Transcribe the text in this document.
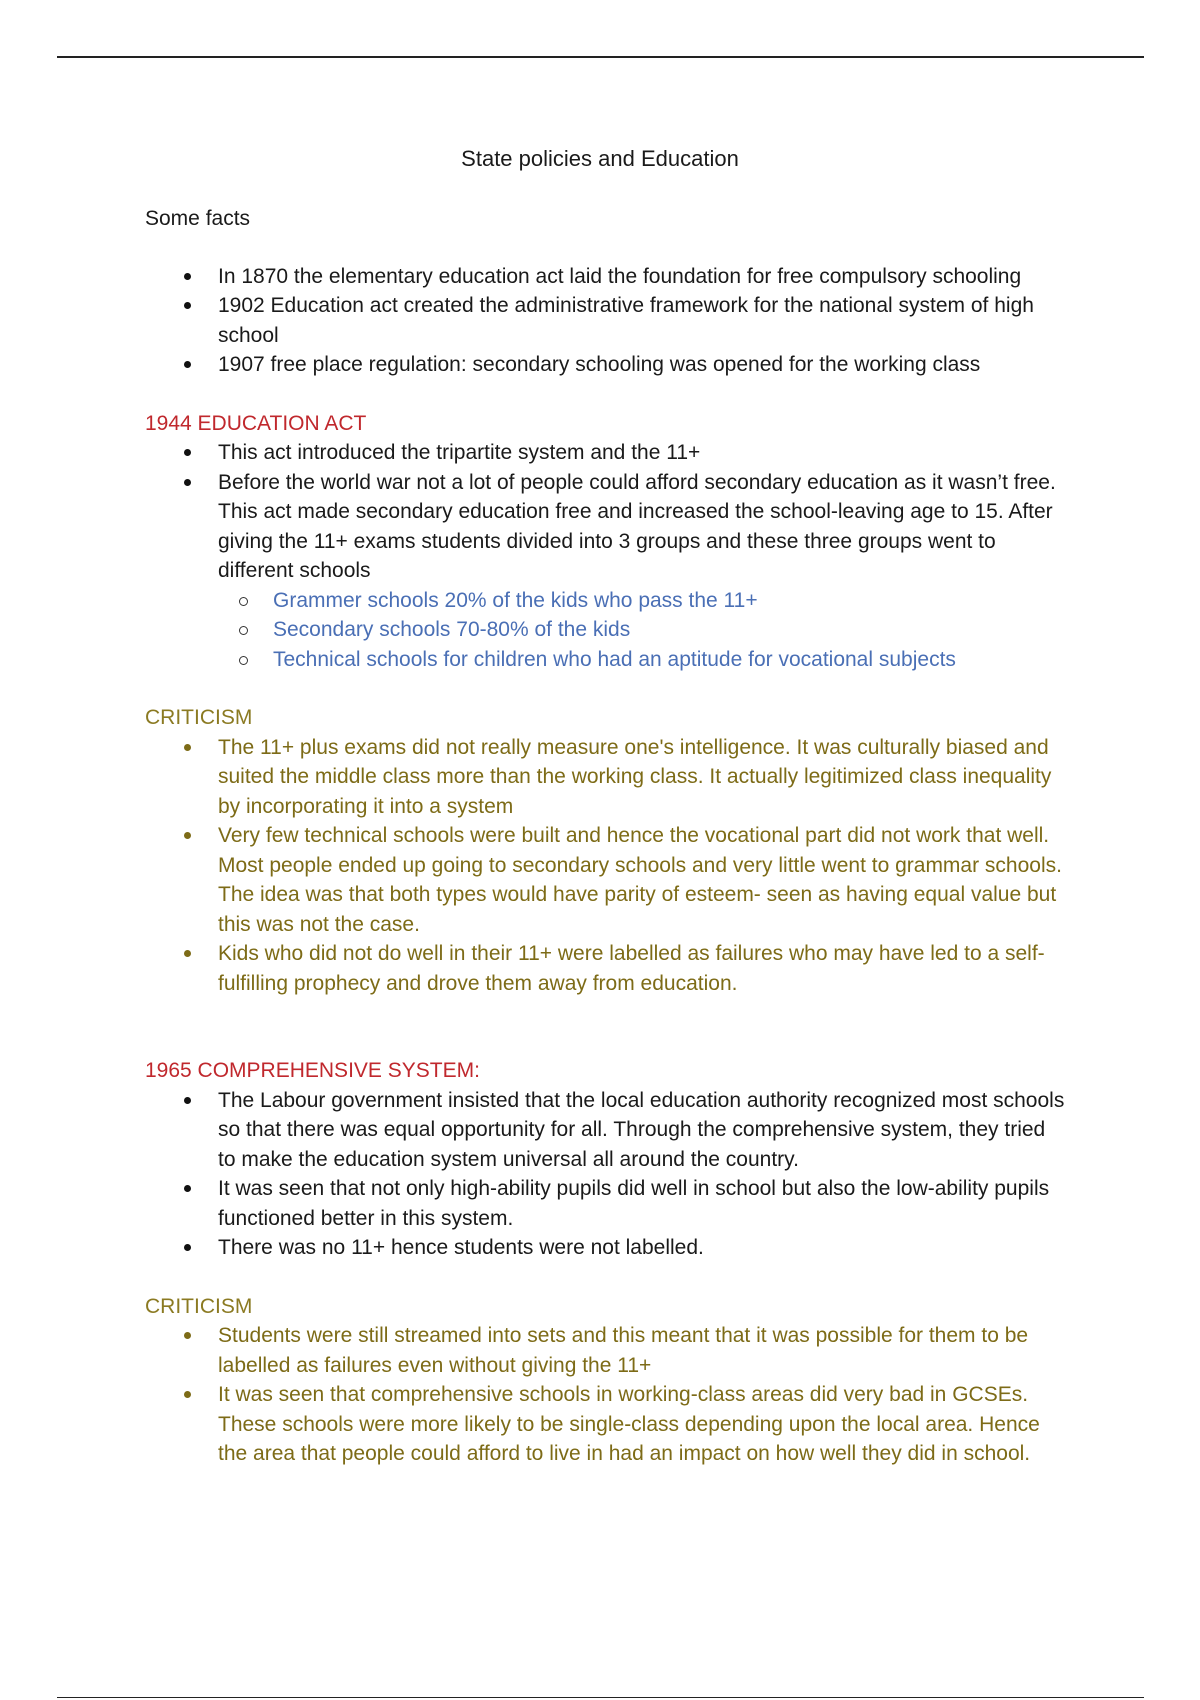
State policies and Education

Some facts

In 1870 the elementary education act laid the foundation for free compulsory schooling
1902 Education act created the administrative framework for the national system of high school
1907 free place regulation: secondary schooling was opened for the working class
1944 EDUCATION ACT
This act introduced the tripartite system and the 11+
Before the world war not a lot of people could afford secondary education as it wasn’t free. This act made secondary education free and increased the school-leaving age to 15. After giving the 11+ exams students divided into 3 groups and these three groups went to different schools
Grammer schools 20% of the kids who pass the 11+
Secondary schools 70-80% of the kids
Technical schools for children who had an aptitude for vocational subjects
CRITICISM
The 11+ plus exams did not really measure one's intelligence. It was culturally biased and suited the middle class more than the working class. It actually legitimized class inequality by incorporating it into a system
Very few technical schools were built and hence the vocational part did not work that well. Most people ended up going to secondary schools and very little went to grammar schools. The idea was that both types would have parity of esteem- seen as having equal value but this was not the case.
Kids who did not do well in their 11+ were labelled as failures who may have led to a self-fulfilling prophecy and drove them away from education.
1965 COMPREHENSIVE SYSTEM:
The Labour government insisted that the local education authority recognized most schools so that there was equal opportunity for all. Through the comprehensive system, they tried to make the education system universal all around the country.
It was seen that not only high-ability pupils did well in school but also the low-ability pupils functioned better in this system.
There was no 11+ hence students were not labelled.
CRITICISM
Students were still streamed into sets and this meant that it was possible for them to be labelled as failures even without giving the 11+
It was seen that comprehensive schools in working-class areas did very bad in GCSEs. These schools were more likely to be single-class depending upon the local area. Hence the area that people could afford to live in had an impact on how well they did in school.
